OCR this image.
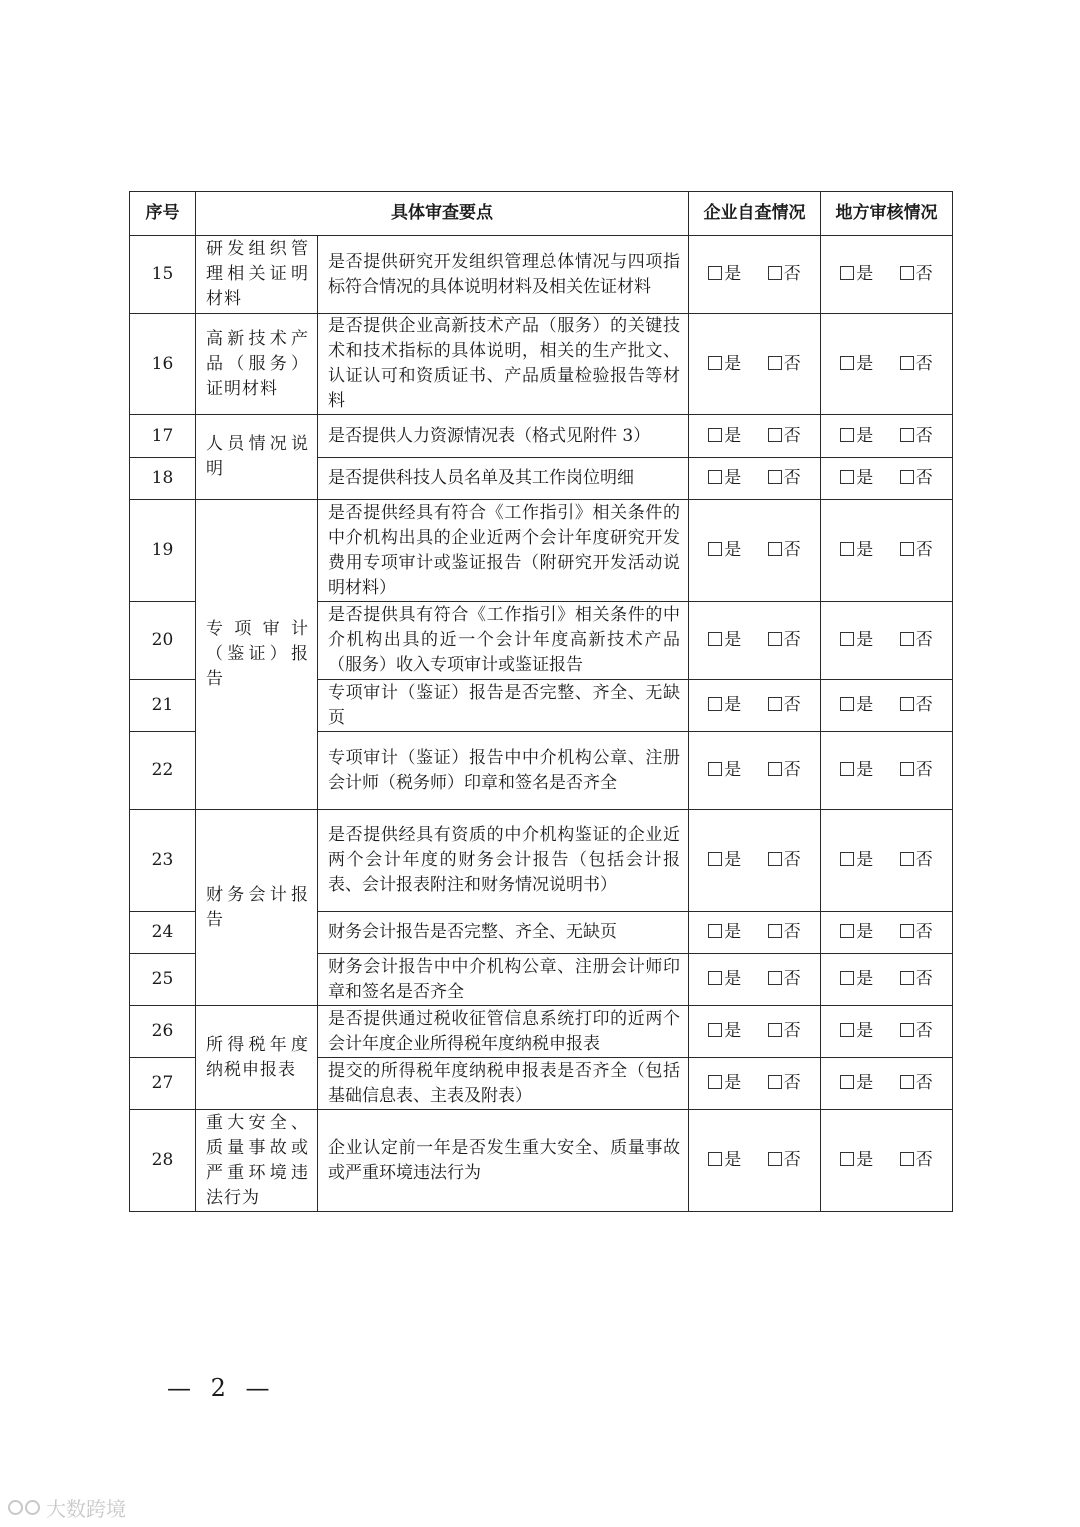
序号	具体审查要点		企业自查情况	地方审核情况
15	研发组织管理相关证明材料	是否提供研究开发组织管理总体情况与四项指标符合情况的具体说明材料及相关佐证材料	是 否	是 否

16	高新技术产品（服务）证明材料	是否提供企业高新技术产品（服务）的关键技术和技术指标的具体说明，相关的生产批文、认证认可和资质证书、产品质量检验报告等材料	是 否	是 否

17	人员情况说明	是否提供人力资源情况表（格式见附件 3）	是 否	是 否

18		是否提供科技人员名单及其工作岗位明细	是 否	是 否

19	专项审计（鉴证）报告	是否提供经具有符合《工作指引》相关条件的中介机构出具的企业近两个会计年度研究开发费用专项审计或鉴证报告（附研究开发活动说明材料）	是 否	是 否

20		是否提供具有符合《工作指引》相关条件的中介机构出具的近一个会计年度高新技术产品（服务）收入专项审计或鉴证报告	是 否	是 否

21		专项审计（鉴证）报告是否完整、齐全、无缺页	是 否	是 否

22		专项审计（鉴证）报告中中介机构公章、注册会计师（税务师）印章和签名是否齐全	是 否	是 否

23	财务会计报告	是否提供经具有资质的中介机构鉴证的企业近两个会计年度的财务会计报告（包括会计报表、会计报表附注和财务情况说明书）	是 否	是 否

24		财务会计报告是否完整、齐全、无缺页	是 否	是 否

25		财务会计报告中中介机构公章、注册会计师印章和签名是否齐全	是 否	是 否

26	所得税年度纳税申报表	是否提供通过税收征管信息系统打印的近两个会计年度企业所得税年度纳税申报表	是 否	是 否

27		提交的所得税年度纳税申报表是否齐全（包括基础信息表、主表及附表）	是 否	是 否

28	重大安全、质量事故或严重环境违法行为	企业认定前一年是否发生重大安全、质量事故或严重环境违法行为	是 否	是 否
— 2 —
大数跨境
